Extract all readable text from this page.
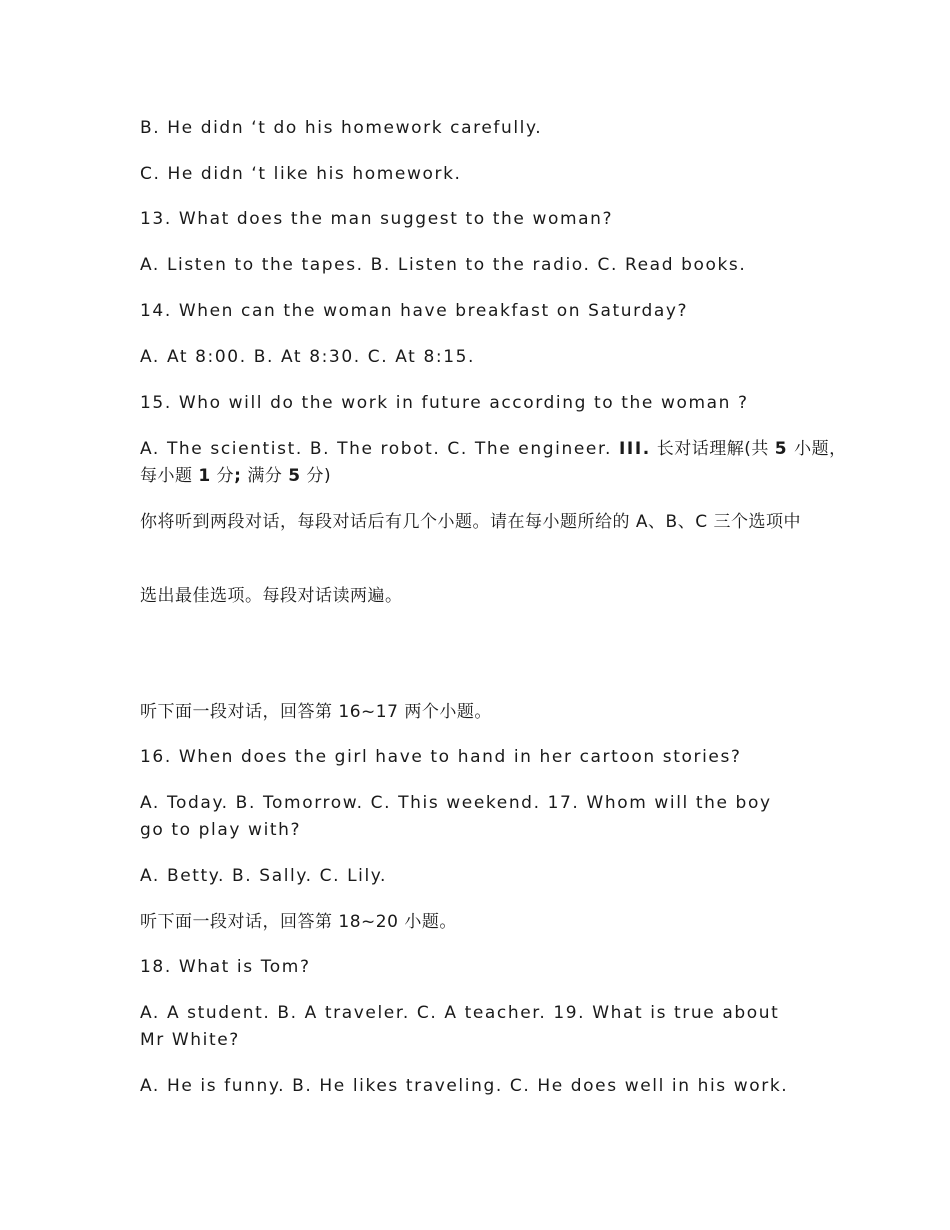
B. He didn ‘t do his homework carefully.
C. He didn ‘t like his homework.
13. What does the man suggest to the woman?
A. Listen to the tapes. B. Listen to the radio. C. Read books.
14. When can the woman have breakfast on Saturday?
A. At 8:00. B. At 8:30. C. At 8:15.
15. Who will do the work in future according to the woman ?
A. The scientist. B. The robot. C. The engineer. III. 长对话理解(共 5 小题，
每小题 1 分; 满分 5 分)
你将听到两段对话，每段对话后有几个小题。请在每小题所给的 A、B、C 三个选项中
选出最佳选项。每段对话读两遍。
听下面一段对话，回答第 16~17 两个小题。
16. When does the girl have to hand in her cartoon stories?
A. Today. B. Tomorrow. C. This weekend. 17. Whom will the boy go to play with?
A. Betty. B. Sally. C. Lily.
听下面一段对话，回答第 18~20 小题。
18. What is Tom?
A. A student. B. A traveler. C. A teacher. 19. What is true about Mr White?
A. He is funny. B. He likes traveling. C. He does well in his work.
